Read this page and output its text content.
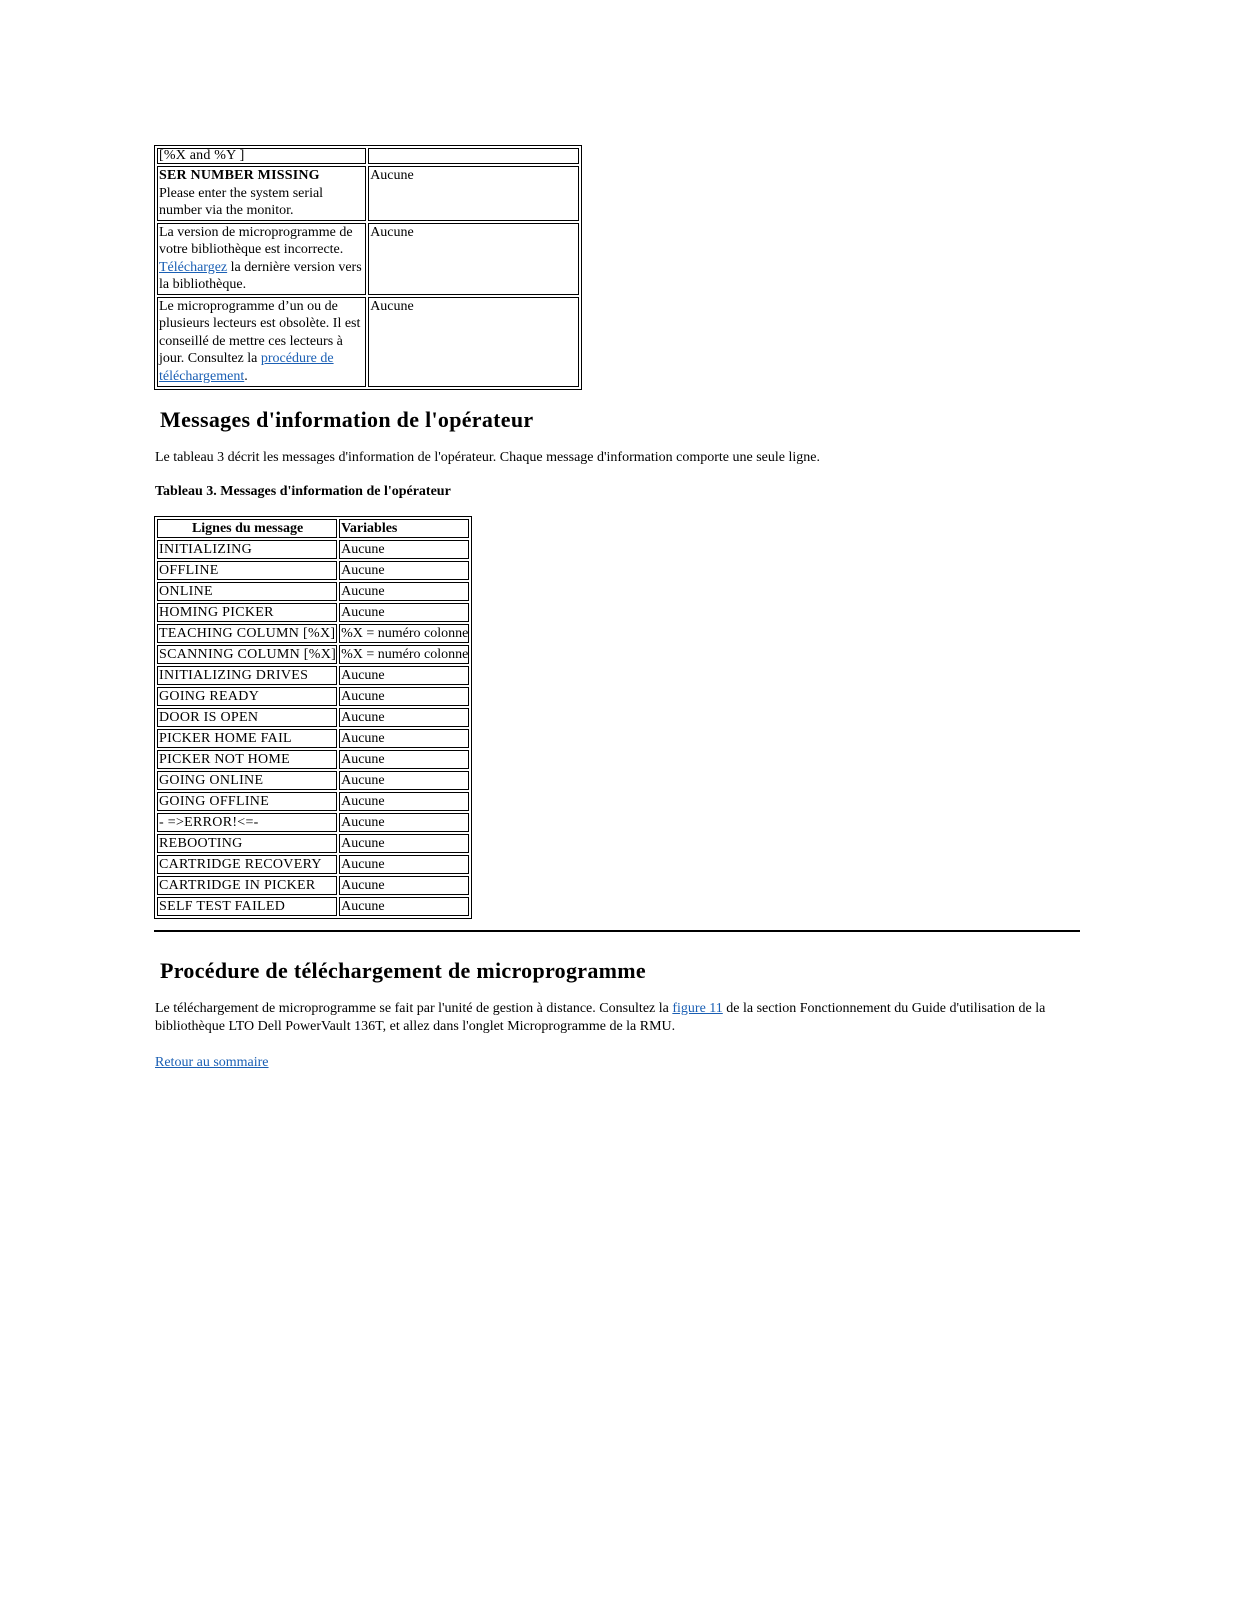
[%X and %Y ]	
SER NUMBER MISSING
Please enter the system serial number via the monitor.	Aucune
La version de microprogramme de votre bibliothèque est incorrecte. Téléchargez la dernière version vers la bibliothèque.	Aucune
Le microprogramme d’un ou de plusieurs lecteurs est obsolète. Il est conseillé de mettre ces lecteurs à jour. Consultez la procédure de téléchargement.	Aucune
Messages d'information de l'opérateur

Le tableau 3 décrit les messages d'information de l'opérateur. Chaque message d'information comporte une seule ligne.

Tableau 3. Messages d'information de l'opérateur

Lignes du message	Variables
INITIALIZING	Aucune
OFFLINE	Aucune
ONLINE	Aucune
HOMING PICKER	Aucune
TEACHING COLUMN [%X]	%X = numéro colonne
SCANNING COLUMN [%X]	%X = numéro colonne
INITIALIZING DRIVES	Aucune
GOING READY	Aucune
DOOR IS OPEN	Aucune
PICKER HOME FAIL	Aucune
PICKER NOT HOME	Aucune
GOING ONLINE	Aucune
GOING OFFLINE	Aucune
- =>ERROR!<=-	Aucune
REBOOTING	Aucune
CARTRIDGE RECOVERY	Aucune
CARTRIDGE IN PICKER	Aucune
SELF TEST FAILED	Aucune
Procédure de téléchargement de microprogramme

Le téléchargement de microprogramme se fait par l'unité de gestion à distance. Consultez la figure 11 de la section Fonctionnement du Guide d'utilisation de la bibliothèque LTO Dell PowerVault 136T, et allez dans l'onglet Microprogramme de la RMU.

Retour au sommaire
